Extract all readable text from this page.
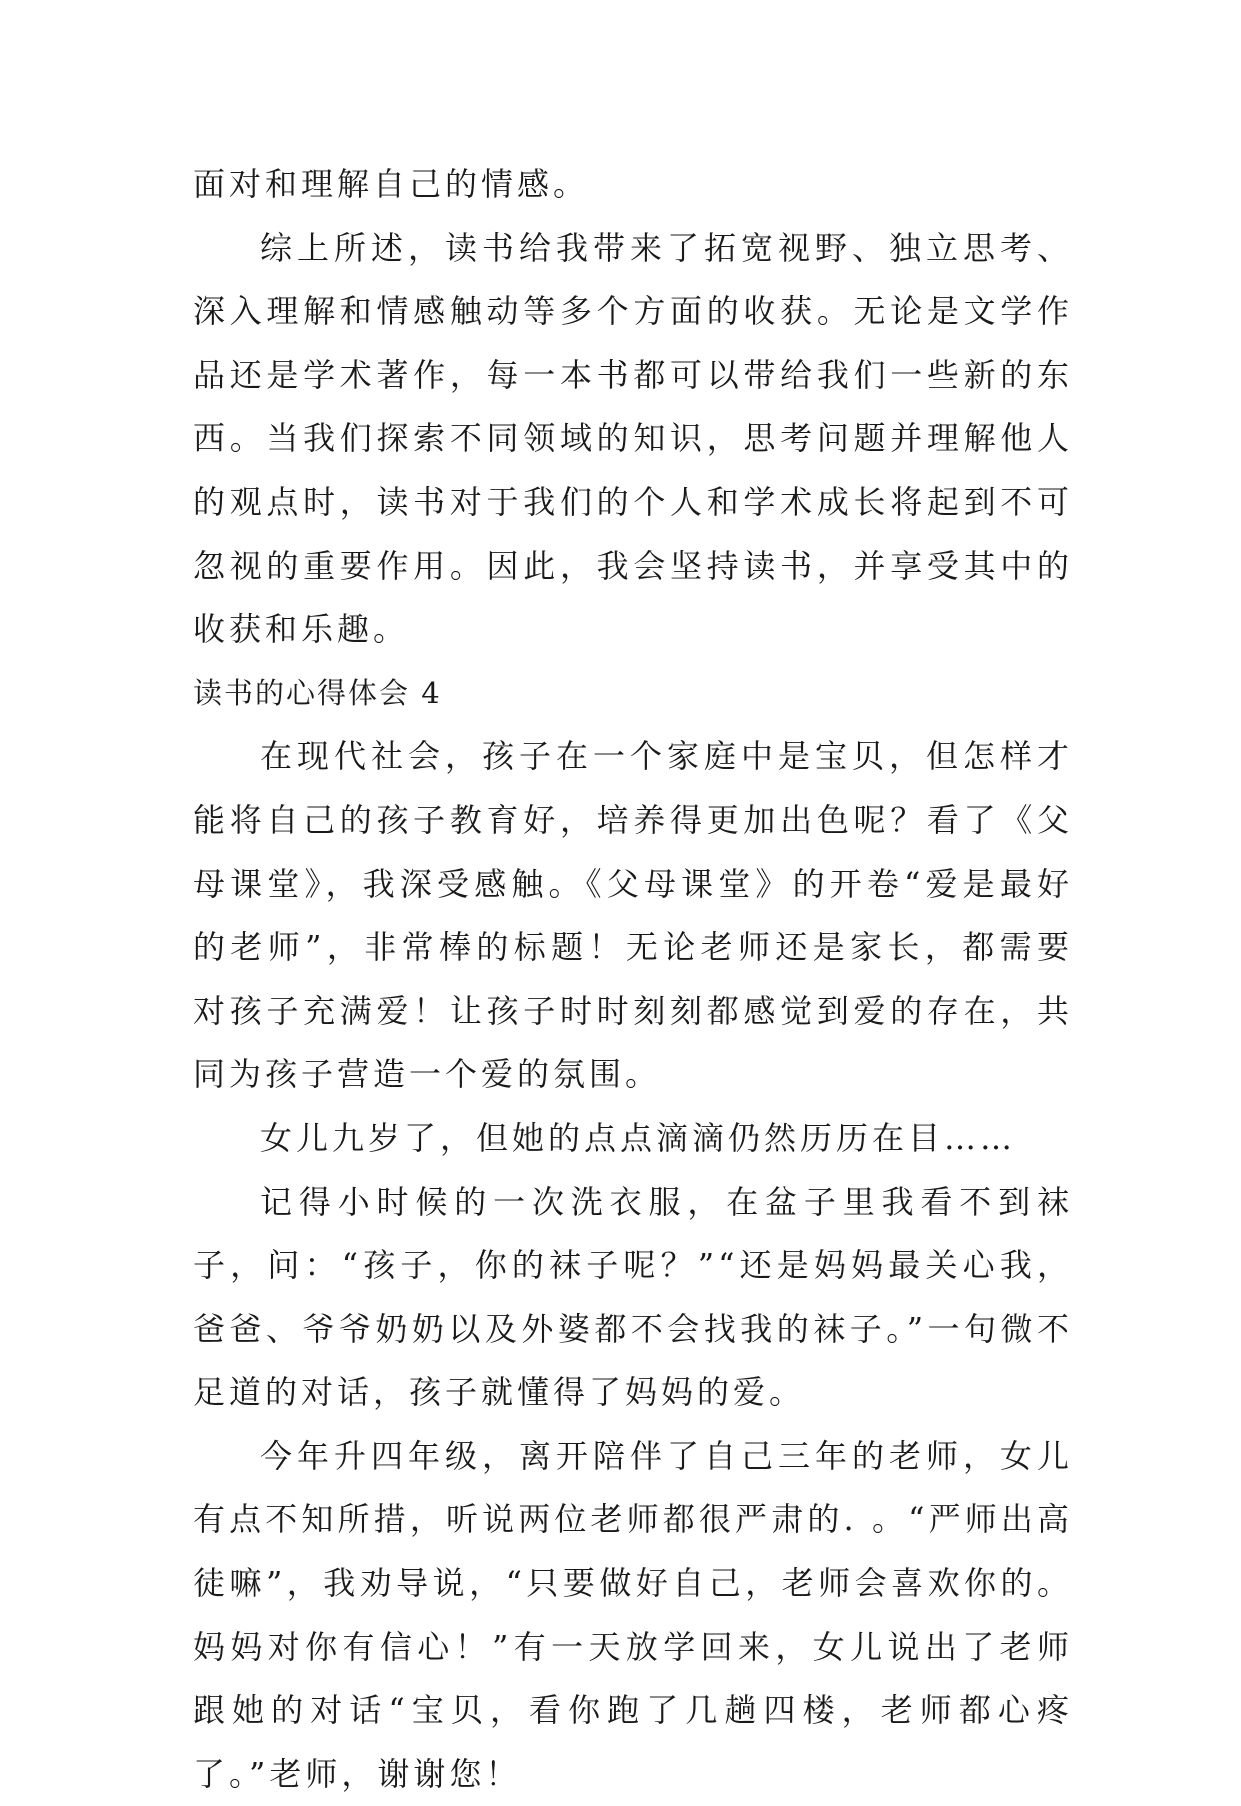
面对和理解自己的情感。

综上所述，读书给我带来了拓宽视野、独立思考、深入理解和情感触动等多个方面的收获。无论是文学作品还是学术著作，每一本书都可以带给我们一些新的东西。当我们探索不同领域的知识，思考问题并理解他人的观点时，读书对于我们的个人和学术成长将起到不可忽视的重要作用。因此，我会坚持读书，并享受其中的收获和乐趣。

读书的心得体会 4

在现代社会，孩子在一个家庭中是宝贝，但怎样才能将自己的孩子教育好，培养得更加出色呢？看了《父母课堂》，我深受感触。《父母课堂》的开卷“爱是最好的老师”，非常棒的标题！无论老师还是家长，都需要对孩子充满爱！让孩子时时刻刻都感觉到爱的存在，共同为孩子营造一个爱的氛围。

女儿九岁了，但她的点点滴滴仍然历历在目……

记得小时候的一次洗衣服，在盆子里我看不到袜子，问：“孩子，你的袜子呢？”“还是妈妈最关心我，爸爸、爷爷奶奶以及外婆都不会找我的袜子。”一句微不足道的对话，孩子就懂得了妈妈的爱。

今年升四年级，离开陪伴了自己三年的老师，女儿有点不知所措，听说两位老师都很严肃的. 。“严师出高徒嘛”，我劝导说，“只要做好自己，老师会喜欢你的。妈妈对你有信心！”有一天放学回来，女儿说出了老师跟她的对话“宝贝，看你跑了几趟四楼，老师都心疼了。”老师，谢谢您！
